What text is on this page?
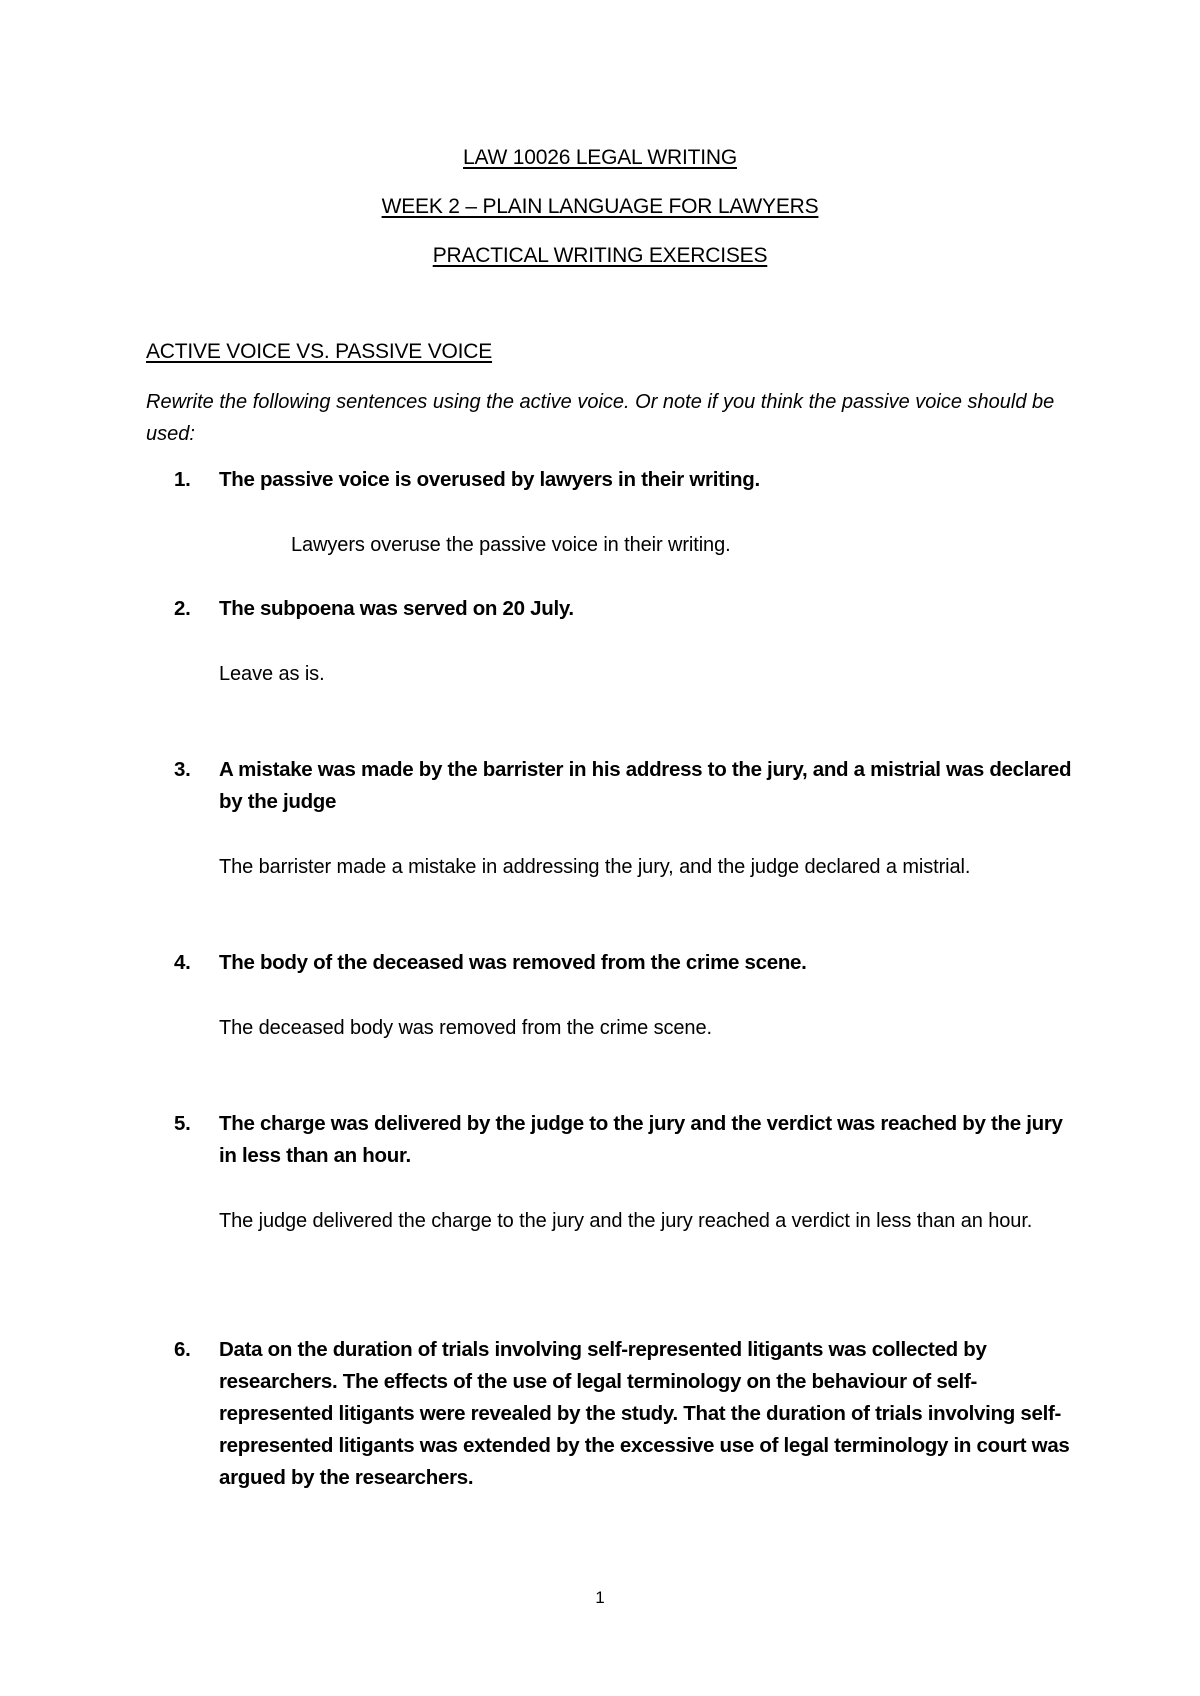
LAW 10026 LEGAL WRITING
WEEK 2 – PLAIN LANGUAGE FOR LAWYERS
PRACTICAL WRITING EXERCISES
ACTIVE VOICE VS. PASSIVE VOICE
Rewrite the following sentences using the active voice. Or note if you think the passive voice should be used:
1. The passive voice is overused by lawyers in their writing.
Lawyers overuse the passive voice in their writing.
2. The subpoena was served on 20 July.
Leave as is.
3. A mistake was made by the barrister in his address to the jury, and a mistrial was declared by the judge
The barrister made a mistake in addressing the jury, and the judge declared a mistrial.
4. The body of the deceased was removed from the crime scene.
The deceased body was removed from the crime scene.
5. The charge was delivered by the judge to the jury and the verdict was reached by the jury in less than an hour.
The judge delivered the charge to the jury and the jury reached a verdict in less than an hour.
6. Data on the duration of trials involving self-represented litigants was collected by researchers. The effects of the use of legal terminology on the behaviour of self-represented litigants were revealed by the study. That the duration of trials involving self-represented litigants was extended by the excessive use of legal terminology in court was argued by the researchers.
1
